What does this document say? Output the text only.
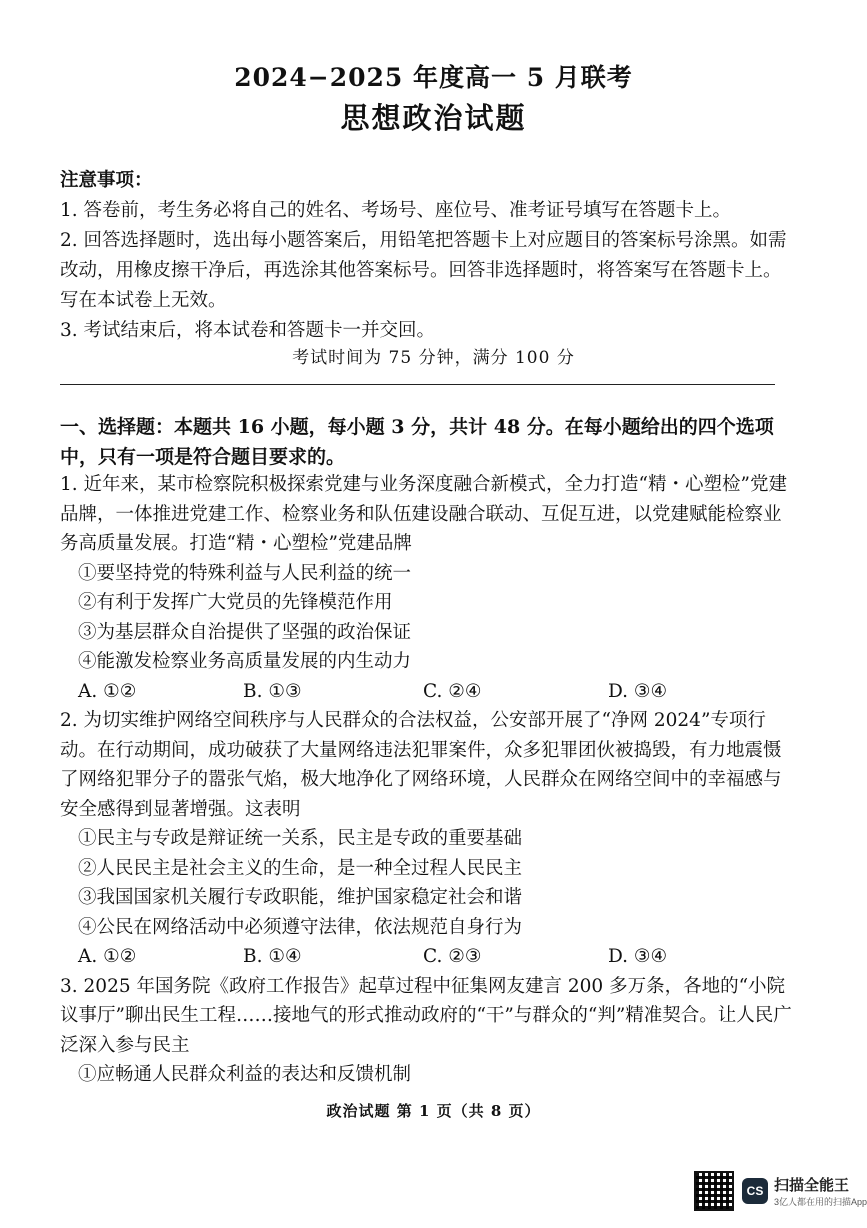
2024−2025 年度高一 5 月联考
思想政治试题
注意事项：

1. 答卷前，考生务必将自己的姓名、考场号、座位号、准考证号填写在答题卡上。

2. 回答选择题时，选出每小题答案后，用铅笔把答题卡上对应题目的答案标号涂黑。如需改动，用橡皮擦干净后，再选涂其他答案标号。回答非选择题时，将答案写在答题卡上。写在本试卷上无效。

3. 考试结束后，将本试卷和答题卡一并交回。

考试时间为 75 分钟，满分 100 分
一、选择题：本题共 16 小题，每小题 3 分，共计 48 分。在每小题给出的四个选项中，只有一项是符合题目要求的。
1. 近年来，某市检察院积极探索党建与业务深度融合新模式，全力打造“精・心塑检”党建品牌，一体推进党建工作、检察业务和队伍建设融合联动、互促互进，以党建赋能检察业务高质量发展。打造“精・心塑检”党建品牌
①要坚持党的特殊利益与人民利益的统一
②有利于发挥广大党员的先锋模范作用
③为基层群众自治提供了坚强的政治保证
④能激发检察业务高质量发展的内生动力
A. ①②	B. ①③	C. ②④	D. ③④
2. 为切实维护网络空间秩序与人民群众的合法权益，公安部开展了“净网 2024”专项行动。在行动期间，成功破获了大量网络违法犯罪案件，众多犯罪团伙被捣毁，有力地震慑了网络犯罪分子的嚣张气焰，极大地净化了网络环境，人民群众在网络空间中的幸福感与安全感得到显著增强。这表明
①民主与专政是辩证统一关系，民主是专政的重要基础
②人民民主是社会主义的生命，是一种全过程人民民主
③我国国家机关履行专政职能，维护国家稳定社会和谐
④公民在网络活动中必须遵守法律，依法规范自身行为
A. ①②	B. ①④	C. ②③	D. ③④
3. 2025 年国务院《政府工作报告》起草过程中征集网友建言 200 多万条，各地的“小院议事厅”聊出民生工程……接地气的形式推动政府的“干”与群众的“判”精准契合。让人民广泛深入参与民主
①应畅通人民群众利益的表达和反馈机制
政治试题 第 1 页（共 8 页）
CS 扫描全能王
3亿人都在用的扫描App
